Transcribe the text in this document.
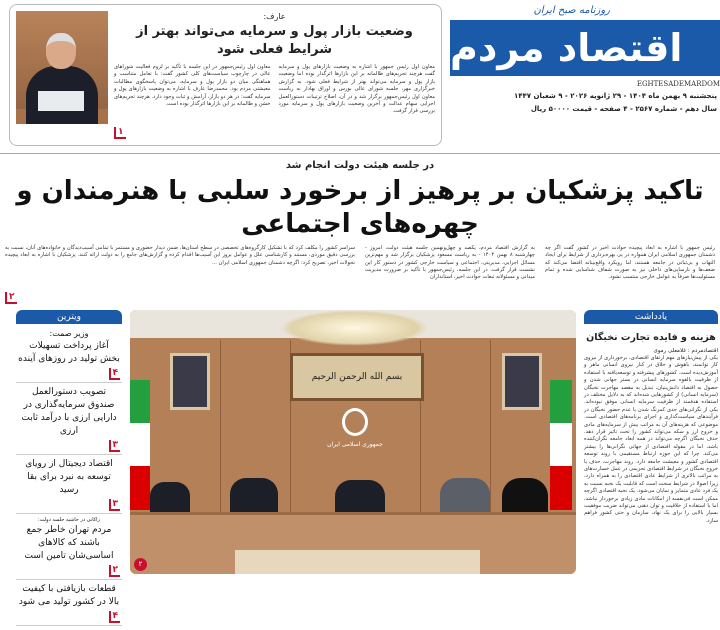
روزنامه صبح ایران
اقتصاد مردم
EGHTESADEMARDOM
پنجشنبه ۹ بهمن ماه ۱۴۰۴ - ۲۹ ژانویه ۲۰۲۶ - ۹ شعبان ۱۴۴۷
سال دهم - شماره ۲۵۶۷ - ۴ صفحه - قیمت ۵۰۰۰۰ ریال
عارف:
وضعیت بازار پول و سرمایه می‌تواند بهتر از شرایط فعلی شود
معاون اول رئیس جمهور با اشاره به وضعیت بازارهای پول و سرمایه گفت هرچند تحریم‌های ظالمانه بر این بازارها اثرگذار بوده اما وضعیت بازار پول و سرمایه می‌تواند بهتر از شرایط فعلی شود. به گزارش خبرگزاری مهر، جلسه شورای عالی بورس و اوراق بهادار به ریاست معاون اول رئیس‌جمهور برگزار شد و در آن، اصلاح ترتیبات دستورالعمل اجرایی سهام عدالت و آخرین وضعیت بازارهای پول و سرمایه مورد بررسی قرار گرفت.
معاون اول رئیس‌جمهور در این جلسه با تأکید بر لزوم فعالیت شوراهای عالی در چارچوب سیاست‌های کلی کشور گفت: با تعامل متناسب و هماهنگی میان دو بازار پول و سرمایه، می‌توان پاسخگوی مطالبات معیشتی مردم بود. محمدرضا عارف با اشاره به وضعیت بازارهای پول و سرمایه گفت: در هر دو بازار، آرامش و ثبات وجود دارد. هرچند تحریم‌های خشن و ظالمانه بر این بازارها اثرگذار بوده است.
۱
در جلسه هیئت دولت انجام شد
تاکید پزشکیان بر پرهیز از برخورد سلبی با هنرمندان و چهره‌های اجتماعی
رئیس جمهور با اشاره به ابعاد پیچیده حوادث اخیر در کشور گفت اگر چه دشمنان جمهوری اسلامی ایران همواره در پی بهره‌برداری از شرایط برای ایجاد التهاب و بی‌ثباتی در جامعه هستند، اما رویکرد واقع‌بینانه اقتضا می‌کند که ضعف‌ها و نارسایی‌های داخلی نیز به صورت شفاف شناسایی شده و تمام مسئولیت‌ها صرفاً به عوامل خارجی منتسب نشود.
به گزارش اقتصاد مردم، یکصد و چهل‌ونهمین جلسه هیئت دولت، امروز - چهارشنبه ۸ بهمن ۱۴۰۴ - به ریاست مسعود پزشکیان برگزار شد و مهم‌ترین مسائل اجرایی، مدیریتی، اجتماعی و سیاست خارجی کشور در دستور کار این نشست قرار گرفت. در این جلسه، رئیس‌جمهور با تأکید بر ضرورت مدیریت میدانی و مسئولانه تبعات حوادث اخیر، استانداران
سراسر کشور را مکلف کرد که با تشکیل کارگروه‌های تخصصی در سطح استان‌ها، ضمن دیدار حضوری و مستمر با تمامی آسیب‌دیدگان و خانواده‌های آنان، نسبت به بررسی دقیق موردی، مستند و کارشناسی علل و عوامل بروز این آسیب‌ها اقدام کرده و گزارش‌های جامع را به دولت ارائه کنند. پزشکیان با اشاره به ابعاد پیچیده تحولات اخیر، تصریح کرد: اگرچه دشمنان جمهوری اسلامی ایران ...
۲
یادداشت
هزینه و فایده تجارت نخبگان
اقتصادمردم : غلامعلی رموی
یکی از پیش‌نیازهای مهم ارتقای اقتصادی، برخورداری از نیروی کار توانمند، باهوش و خلاق در کنار نیروی انسانی ماهر و آموزش‌دیده است. کشورهای پیشرفته و توسعه‌یافته با استفاده از ظرفیت بالقوه سرمایه انسانی در بستر جهانی شدن و حصول به اقتصاد دانش‌بنیان، تبدیل به مقصد مهاجرت نخبگان (سرمایه انسانی) از کشورهایی شده‌اند که به دلایل مختلف در استفاده هدفمند از ظرفیت سرمایه انسانی موفق نبوده‌اند. یکی از نگرانی‌های جدی کمرنگ شدن یا عدم حضور نخبگان در فرآیندهای سیاست‌گذاری و اجرای برنامه‌های اقتصادی است. موضوعی که هزینه‌های آن به مراتب بیش از سرمایه‌های مادی و خروج ارز و سکه می‌تواند کشور را تحت تاثیر قرار دهد. حذف نخبگان اگرچه می‌تواند در همه ابعاد جامعه نگران‌کننده باشد، اما در مقوله اقتصادی از جهاتی نگرانی‌ها را بیشتر می‌کند. چرا که این حوزه ارتباط مستقیمی با روند توسعه اقتصادی کشور و معیشت جامعه دارد. روند مهاجرت، حذف یا خروج نخبگان در شرایط اقتصادی تحریمی در عمل خسارت‌های به مراتب بالاتری از شرایط عادی اقتصادی را به همراه دارد، زیرا اصولا در شرایط سخت است که قابلیت یک نخبه نسبت به یک فرد عادی متمایز و نمایان می‌شود. یک نخبه اقتصادی اگرچه ممکن است فی‌نفسه از امکانات مادی زیادی برخوردار نباشد، اما با استفاده از خلاقیت و توان ذهنی می‌تواند ضریب موفقیت بسیار بالایی را برای یک نهاد، سازمان و حتی کشور فراهم سازد.
بسم الله الرحمن الرحیم
جمهوری اسلامی ایران
۲
ویترین
وزیر صمت:
آغاز پرداخت تسهیلات بخش تولید در روزهای آینده
۴
تصویب دستورالعمل صندوق سرمایه‌گذاری در دارایی ارزی با درآمد ثابت ارزی
۳
اقتصاد دیجیتال از رویای توسعه به نبرد برای بقا رسید
۳
زاکانی در حاشیه جلسه دولت:
مردم تهران خاطر جمع باشند که کالاهای اساسی‌شان تامین است
۲
قطعات بازیافتی با کیفیت بالا در کشور تولید می شود
۴
